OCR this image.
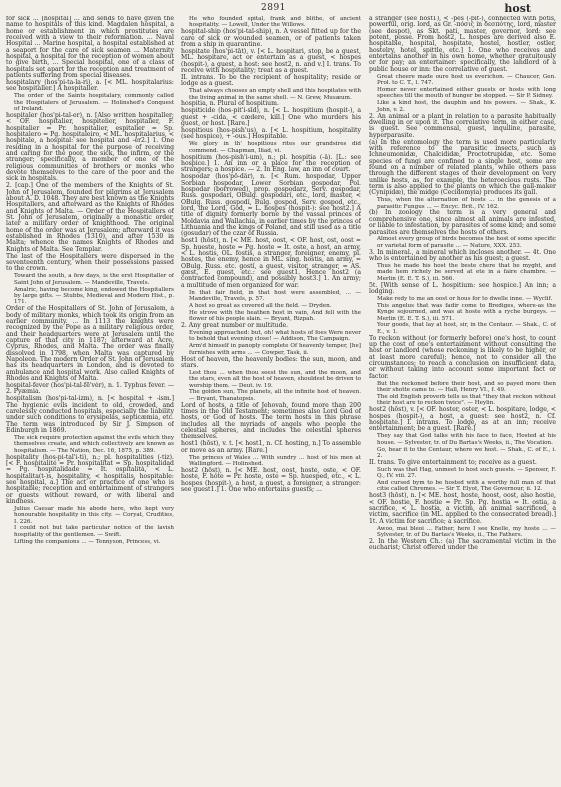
2891	host

for sick ... [hospital] ... and sends to have given the name to hospitals of this kind. Magdalen hospital, a home or establishment in which prostitutes are received with a view to their reformation. ... Naval Hospital ... Marine hospital, a hospital established at a seaport for the care of sick seamen ... Maternity hospital, a hospital for the reception of women about to give birth, ... Special hospital, one of a class of hospitals set apart for the reception and treatment of patients suffering from special diseases.

hospitalary (hos'pi-ta-la-ri), a. [< ML. hospitalarius: see hospitaller.] A hospitaller.

The order of the Saints hospitalary, commonly called the Hospitalers of Jerusalem. — Holinshed's Conquest of Ireland.

hospitaler (hos'pi-tal-er), n. [Also written hospitaller; < OF. hospitalier, hospitelier, hospitalier, F. hospitalier = Pr. hospitalier, espitalier = Sp. hospitalero = Pg. hospitaleiro, < ML. hospitalarius, < hospitale, a hospital: see hospital and -er2.] 1. One residing in a hospital for the purpose of receiving and caring for the poor, the sick, the infirm, or the stranger; specifically, a member of one of the religious communities of brothers or monks who devote themselves to the care of the poor and the sick in hospitals.

2. [cap.] One of the members of the Knights of St. John of Jerusalem, founded for pilgrims at Jerusalem about A. D. 1048. They are best known as the Knights Hospitallers, and afterward as the Knights of Rhodes and Knights of Malta. — Order of the Hospitallers of St. John of Jerusalem, originally a monastic order, later a military order of knighthood. The original home of the order was at Jerusalem; afterward it was established in Rhodes (1310), and after 1530 in Malta; whence the names Knights of Rhodes and Knights of Malta. See Templar.

The last of the Hospitallers were dispersed in the seventeenth century, when their possessions passed to the crown.

Toward the south, a few days, is the erst Hospitaller of Saint John of Jerusalem. — Mandeville, Travels.

Amalric, having become king, endowed the Hospitallers by large gifts. — Stubbs, Medieval and Modern Hist., p. 171.

Order of the Hospitallers of St. John of Jerusalem, a body of military monks, which took its origin from an earlier community. ... In 1113 the knights were recognized by the Pope as a military religious order, and their headquarters were at Jerusalem until the capture of that city in 1187; afterward at Acre, Cyprus, Rhodes, and Malta. The order was finally dissolved in 1798, when Malta was captured by Napoleon. The modern Order of St. John of Jerusalem has its headquarters in London, and is devoted to ambulance and hospital work. Also called Knights of Rhodes and Knights of Malta.

hospital-fever (hos'pi-tal-fē'vėr), n. 1. Typhus fever. — 2. Pyæmia.

hospitalism (hos'pi-tal-izm), n. [< hospital + -ism.] The hygienic evils incident to old, crowded, and carelessly conducted hospitals, especially the liability under such conditions to erysipelas, septicæmia, etc. The term was introduced by Sir J. Simpson of Edinburgh in 1869.

The sick require protection against the evils which they themselves create, and which collectively are known as hospitalism. — The Nation, Dec. 16, 1875, p. 389.

hospitality (hos-pi-tal'i-ti), n.; pl. hospitalities (-tiz). [< F. hospitalité = Pr. hospitalitat = Sp. hospitalidad = Pg. hospitalidade = It. ospitalità, < L. hospitalita(t-)s, hospitality, < hospitalis, hospitable: see hospital, a.] The act or practice of one who is hospitable; reception and entertainment of strangers or guests without reward, or with liberal and kindness.

Julius Caesar made his abode here, who kept very honourable hospitality in this city. — Coryat, Crudities, I. 226.

I could not but take particular notice of the lavish hospitality of the gentlemen. — Swift.

Lifting the companions ... — Tennyson, Princess, vi.

He who founded spital, frank and blithe, of ancient hospitality. — Lowell, Under the Willows.

hospital-ship (hos'pi-tal-ship), n. A vessel fitted up for the care of sick or wounded seamen, or of patients taken from a ship in quarantine.

hospitate (hos'pi-tāt), v. [< L. hospitari, stop, be a guest, ML. hospitare, act or entertain as a guest, < hospes (hospit-), a guest, a host: see host2, n. and v.] I. trans. To receive with hospitality; treat as a guest.

II. intrans. To be the recipient of hospitality; reside or lodge as a guest.

That always chooses an empty shell and this hospitates with the living animal in the same shell. — N. Grew, Musæum.

hospitia, n. Plural of hospitium.

hospiticide (hos-pit'i-sīd), n. [< L. hospitium (hospit-), a guest + -cida, < cædere, kill.] One who murders his guest, or host. [Rare.]

hospitious (hos-pish'us), a. [< L. hospitium, hospitality (see hospice), + -ous.] Hospitable.

We glory in th' hospitious rites our grandsires did commend. — Chapman, Iliad, vi.

hospitium (hos-pish'i-um), n.; pl. hospitia (-ä). [L.: see hospice.] 1. An inn or a place for the reception of strangers; a hospice. — 2. In Eng. law, an inn of court.

hospodar (hos'pō-där), n. [< Rum. hospodar, Upper Sorbian hospodar, Lower Sorbian gospodar, Pol. hospodar (borrowed), prop. gospodarz, Serv. gospodar, Russ. gospodarĭ, OBulg. gospodarĭ, etc., lord, master, < OBulg. Russ. gospodĭ, Bulg. gospod, Serv. gospod, etc., lord, the Lord, God, = L. hospes (hospit-): see host2.] A title of dignity formerly borne by the vassal princes of Moldavia and Wallachia, in earlier times by the princes of Lithuania and the kings of Poland, and still used as a title (gosudar) of the czar of Russia.

host1 (hōst), n. [< ME. host, oost, < OF. host, ost, oost = Sp. hueste, hoste = Pg. hoste = It. oste, a host, an army, < L. hostis, OL. fostis, a stranger, foreigner, enemy, pl. hostes, the enemy, hence in ML. sing. hostis, an army, = OBulg. Russ. etc. gostĭ, a guest, visitor, stranger, = AS. gæst, E. guest, etc.: see guest1. Hence host2 (a contracted compound), and possibly host3.] 1. An army; a multitude of men organized for war.

In that fair field, in that host were assembled, ... — Mandeville, Travels, p. 57.

A host so great as covered all the field. — Dryden.

He strove with the heathen host in vain, And fell with the flower of his people slain. — Bryant, Rizpah.

2. Any great number or multitude.

Evening approached: but, oh! what hosts of foes Were never to behold that evening close! — Addison, The Campaign.

Arm'd himself in panoply complete Of heavenly temper, [he] furnishes with arms ... — Cowper, Task, ii.

Host of heaven, the heavenly bodies: the sun, moon, and stars.

Lest thou ... when thou seest the sun, and the moon, and the stars, even all the host of heaven, shouldest be driven to worship them. — Deut. iv. 19.

The golden sun, The planets, all the infinite host of heaven. — Bryant, Thanatopsis.

Lord of hosts, a title of Jehovah, found more than 200 times in the Old Testament; sometimes also Lord God of hosts, or God of hosts. The term hosts in this phrase includes all the myriads of angels who people the celestial spheres, and includes the celestial spheres themselves.

host1 (hōst), v. t. [< host1, n. Cf. hosting, n.] To assemble or move as an army. [Rare.]

The princes of Wales ... With sundry ... host of his men at Wallingford. — Holinshed.

host2 (hōst), n. [< ME. host, oost, hoste, oste, < OF. hoste, F. hôte = Pr. hoste, oste = Sp. huesped, etc., < L. hospes (hospit-), a host, a guest, a foreigner, a stranger: see guest1.] 1. One who entertains guests; ...

a stranger (see host1), < -pes (-pit-), connected with potis, powerful, orig. lord, as Gr. -πόσις in δεσπότης, lord, master (see despot), as Skt. pati, master, governor, lord: see potent, posse. From host2, L. hospes are derived also E. hospitable, hospital, hospitate, hostel, hostler, ostler, hostelry, hotel, spittle, etc.] 1. One who receives and entertains another in his own home, whether gratuitously or for pay; an entertainer: specifically, the landlord of a public house or inn: the correlative of guest.

Great cheere made oure host us everichon. — Chaucer, Gen. Prol. to C. T., l. 747.

Homer never entertained either guests or hosts with long speeches till the mouth of hunger be stopped. — Sir P. Sidney.

Like a kind host, the dauphin and his powers. — Shak., K. John, v. 2.

2. An animal or a plant in relation to a parasite habitually dwelling in or upon it. The correlative term, in either case, is guest. See commensal, guest, inquiline, parasite, hyperparasite.

(a) In the entomology the term is used more particularly with reference to the parasitic insects, such as Ichneumonidæ, Chalcididæ, Proctotrupidæ, etc. Some species of fungi are confined to a single host, some are found on a number of related plants, while others pass through the different stages of their development on very unlike hosts, as, for example, the heteroecious rusts. The term is also applied to the plants on which the gall-maker (Cynipidæ), the midge (Cecidomyia) produces its gall.

Thus, when the alternation of hosts ... in the genesis of a parasitic Fungus ... — Encyc. Brit., IV. 162.

(b) In zoology the term is a very general and comprehensive one, since almost all animals are infested, or liable to infestation, by parasites of some kind; and some parasites are themselves the hosts of others.

Almost every group of birds becomes the host of some specific or varietal form of parasite ... — Nature, XXX. 253.

3. In mineral., a mineral which incloses another. — 4t. One who is entertained by another as his guest; a guest.

Thus he made his host the beste chere that he myght, and made hem richely be served at ete in a faire chambre. — Merlin (E. E. T. S.), iii. 566.

5t. [With sense of L. hospitium: see hospice.] An inn; a lodging.

Make redy to me an oost or hous for to dwelle inne. — Wyclif.

This angelus that was fadir come to Brediges, where-as the Kynge sojourned, and was at hoste with a ryche burgeys. — Merlin (E. E. T. S.), iii. 571.

Your goods, that lay at host, sir, in the Centaur. — Shak., C. of E., v. 1.

To reckon without (or formerly before) one's host, to count up the cost of one's entertainment without consulting the host or landlord (whose reckoning is likely to be higher, or at least more careful); hence, not to consider all the circumstances; to reach a conclusion on insufficient data, or without taking into account some important fact or factor.

But the reckoned before their host, and so payed more then their shotte came to. — Hall, Henry VI., f. 49.

The old English proverb tells us that "they that reckon without their host are to reckon twice". — Heylin.

host2 (hōst), v. [< OF. hoster, oster, < L. hospitare, lodge, < hospes (hospit-), a host, a guest: see host2, n. Cf. hospitate.] I. intrans. To lodge, as at an inn; receive entertainment; be a guest. [Rare.]

They say that God talks with his face to face, Hosted at his house. — Sylvester, tr. of Du Bartas's Weeks, ii., The Vocation.

Go, bear it to the Centaur, where we host. — Shak., C. of E., i. 2.

II. trans. To give entertainment to; receive as a guest.

Such was that Hag, unmeet to host such guests. — Spenser, F. Q., IV. viii. 27.

And cursed bym to be hosted with a worthy full man of that citie called Chremes. — Sir T. Elyot, The Governour, ii. 12.

host3 (hōst), n. [< ME. host, hoste, hoost, oost, also hostie, < OF. hostie, F. hostie = Pr. Sp. Pg. hostia = It. ostia, a sacrifice, < L. hostia, a victim, an animal sacrificed, a victim, sacrifice (in ML. applied to the consecrated bread).] 1t. A victim for sacrifice; a sacrifice.

Awoo, mai bleoi ... Father, here I see Knelle, my hoste ... — Sylvester, tr. of Du Bartas's Weeks, ii., The Fathers.

2. In the Western Ch.: (a) The sacramental victim in the eucharist; Christ offered under the
